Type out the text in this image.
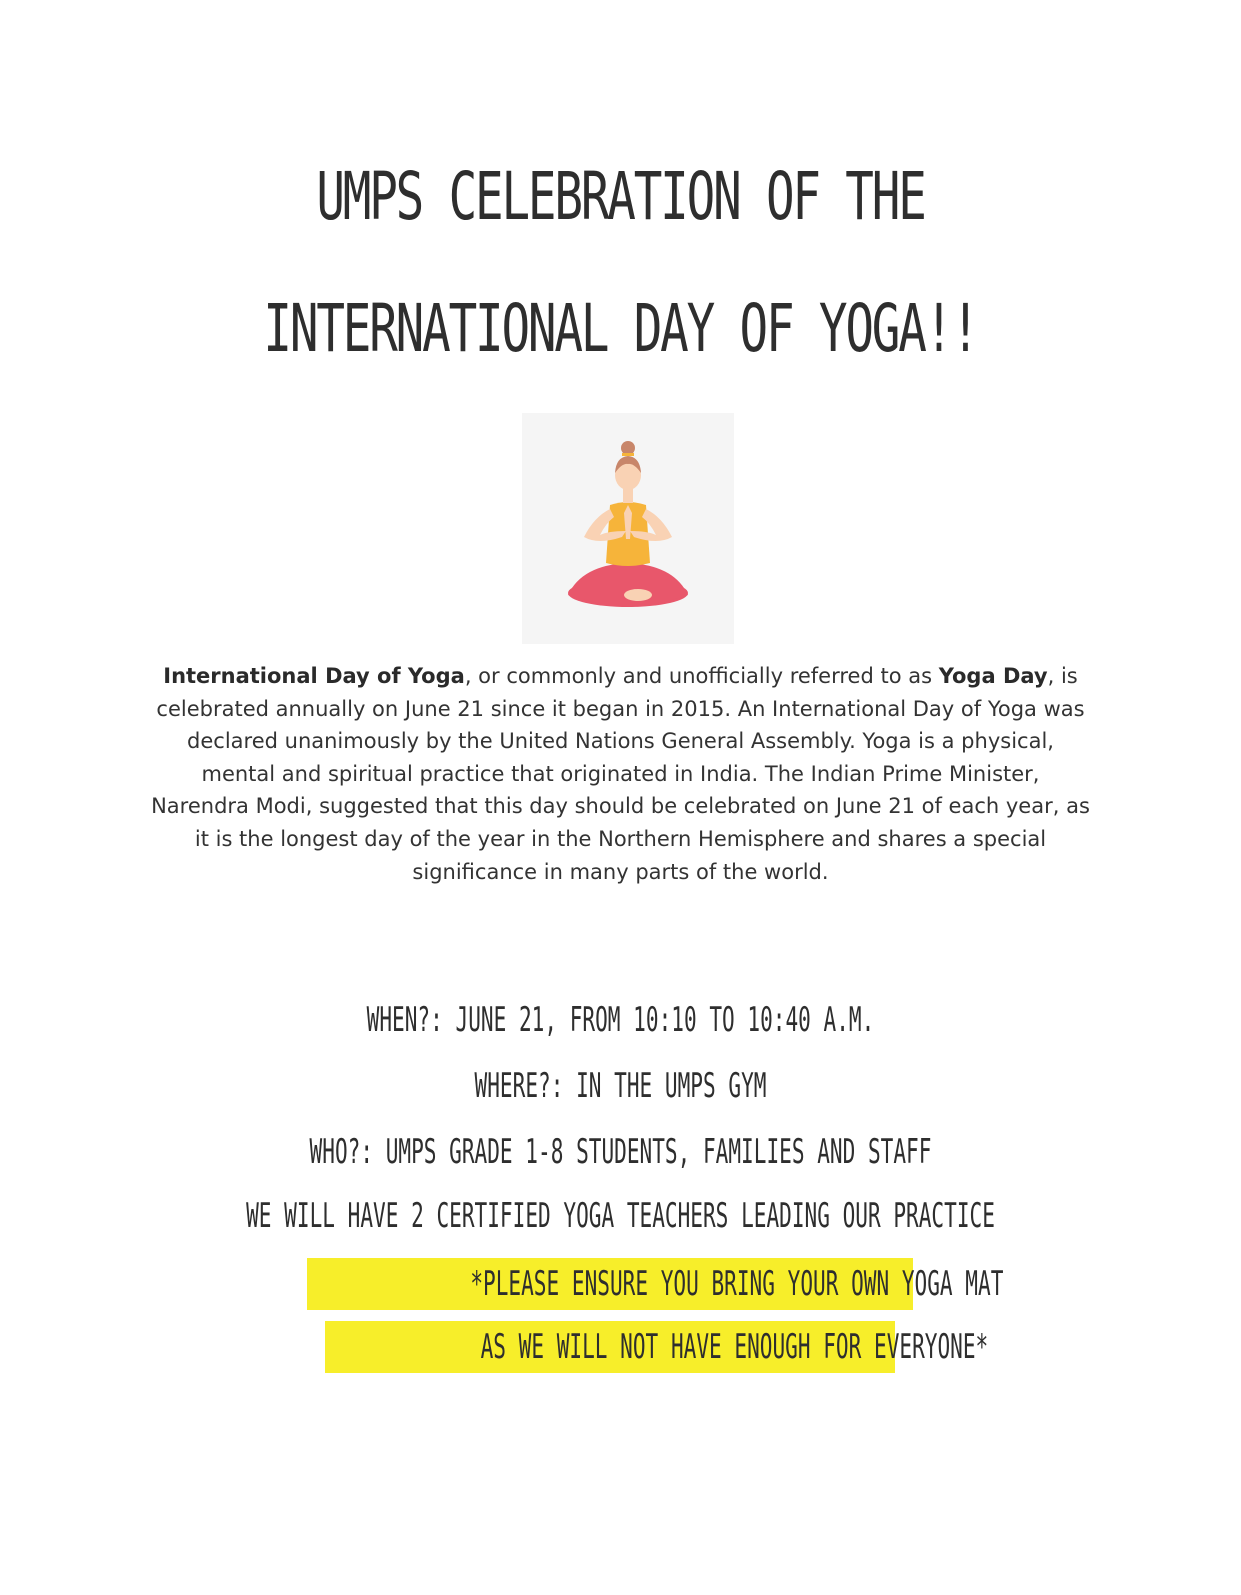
UMPS CELEBRATION OF THE
INTERNATIONAL DAY OF YOGA!!

International Day of Yoga, or commonly and unofficially referred to as Yoga Day, is celebrated annually on June 21 since it began in 2015. An International Day of Yoga was declared unanimously by the United Nations General Assembly. Yoga is a physical, mental and spiritual practice that originated in India. The Indian Prime Minister, Narendra Modi, suggested that this day should be celebrated on June 21 of each year, as it is the longest day of the year in the Northern Hemisphere and shares a special significance in many parts of the world.

WHEN?: JUNE 21, FROM 10:10 TO 10:40 A.M.

WHERE?: IN THE UMPS GYM

WHO?: UMPS GRADE 1-8 STUDENTS, FAMILIES AND STAFF

WE WILL HAVE 2 CERTIFIED YOGA TEACHERS LEADING OUR PRACTICE

*PLEASE ENSURE YOU BRING YOUR OWN YOGA MAT
AS WE WILL NOT HAVE ENOUGH FOR EVERYONE*
